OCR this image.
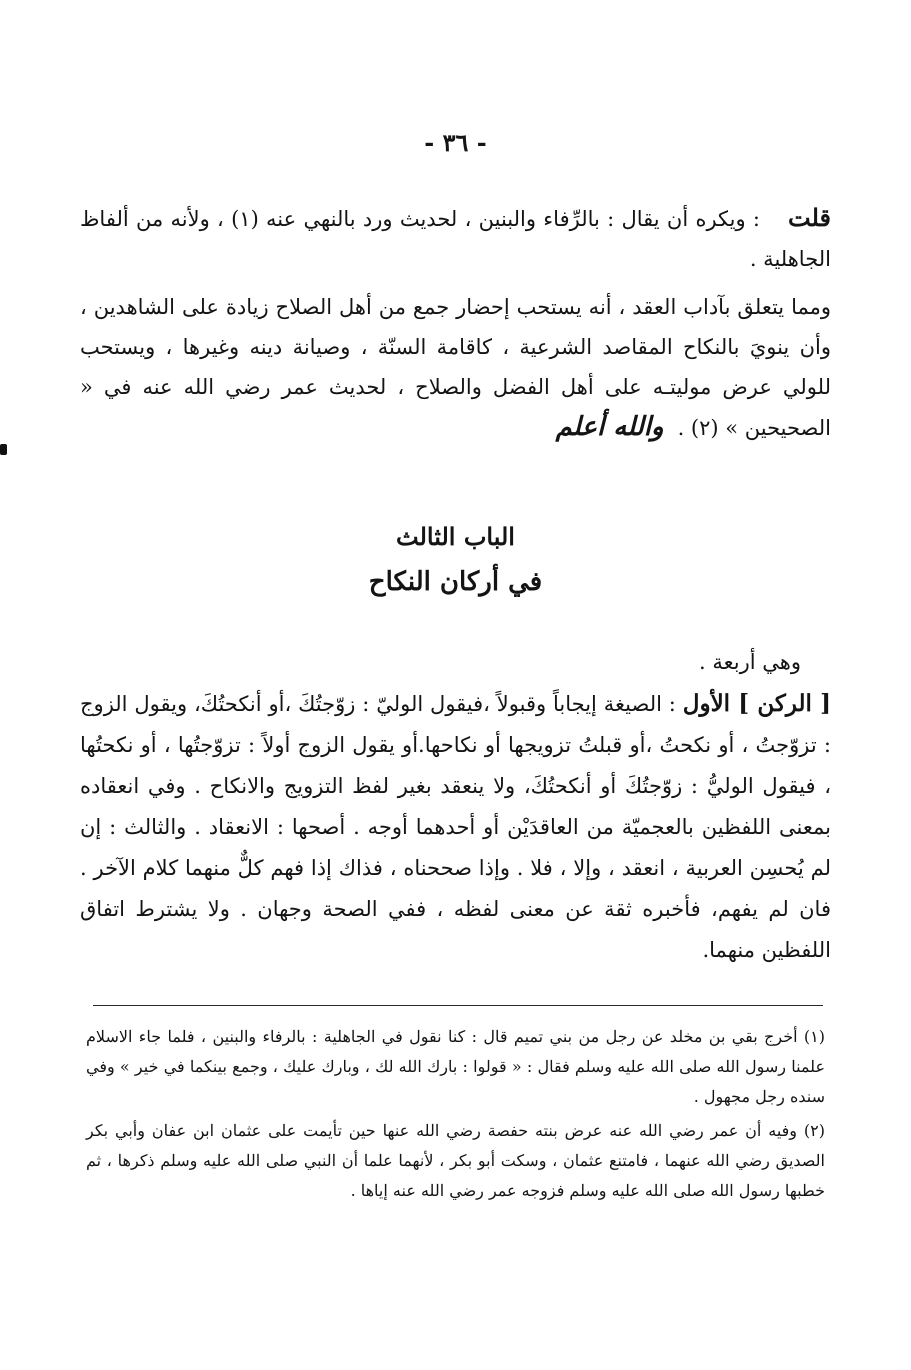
- ٣٦ -

قلت: ويكره أن يقال : بالرِّفاء والبنين ، لحديث ورد بالنهي عنه (١) ، ولأنه من ألفاظ الجاهلية .

ومما يتعلق بآداب العقد ، أنه يستحب إحضار جمع من أهل الصلاح زيادة على الشاهدين ، وأن ينويَ بالنكاح المقاصد الشرعية ، كاقامة السنّة ، وصيانة دينه وغيرها ، ويستحب للولي عرض موليتـه على أهل الفضل والصلاح ، لحديث عمر رضي الله عنه في « الصحيحين » (٢) .والله أعلم

الباب الثالث
في أركان النكاح

وهي أربعة .

[ الركن ] الأول : الصيغة إيجاباً وقبولاً ،فيقول الوليّ : زوّجتُكَ ،أو أنكحتُكَ، ويقول الزوج : تزوّجتُ ، أو نكحتُ ،أو قبلتُ تزويجها أو نكاحها.أو يقول الزوج أولاً : تزوّجتُها ، أو نكحتُها ، فيقول الوليُّ : زوّجتُكَ أو أنكحتُكَ، ولا ينعقد بغير لفظ التزويج والانكاح . وفي انعقاده بمعنى اللفظين بالعجميّة من العاقدَيْن أو أحدهما أوجه . أصحها : الانعقاد . والثالث : إن لم يُحسِن العربية ، انعقد ، وإلا ، فلا . وإذا صححناه ، فذاك إذا فهم كلٌّ منهما كلام الآخر . فان لم يفهم، فأخبره ثقة عن معنى لفظه ، ففي الصحة وجهان . ولا يشترط اتفاق اللفظين منهما.

(١) أخرج بقي بن مخلد عن رجل من بني تميم قال : كنا نقول في الجاهلية : بالرفاء والبنين ، فلما جاء الاسلام علمنا رسول الله صلى الله عليه وسلم فقال : « قولوا : بارك الله لك ، وبارك عليك ، وجمع بينكما في خير » وفي سنده رجل مجهول .

(٢) وفيه أن عمر رضي الله عنه عرض بنته حفصة رضي الله عنها حين تأيمت على عثمان ابن عفان وأبي بكر الصديق رضي الله عنهما ، فامتنع عثمان ، وسكت أبو بكر ، لأنهما علما أن النبي صلى الله عليه وسلم ذكرها ، ثم خطبها رسول الله صلى الله عليه وسلم فزوجه عمر رضي الله عنه إياها .
